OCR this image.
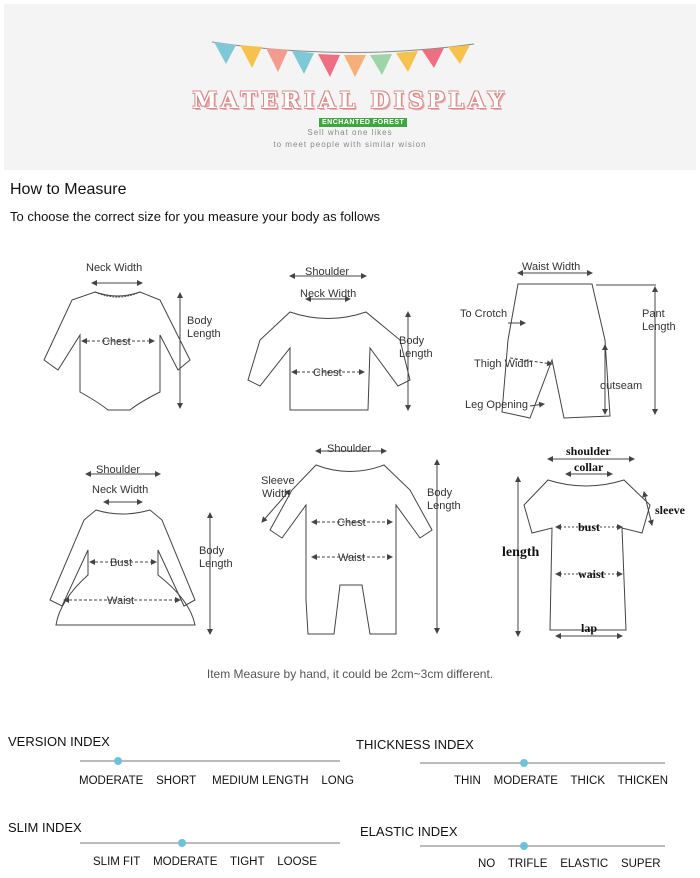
MATERIAL DISPLAY
ENCHANTED FOREST
Sell what one likes
to meet people with similar wision
How to Measure
To choose the correct size for you measure your body as follows
Neck Width
Chest
Body
Length
Shoulder
Neck Width
Chest
Body
Length
Waist Width
To Crotch	Pant
Length
Thigh Width
outseam
Leg Opening
Shoulder
Neck Width
Bust
Waist
Body
Length
Shoulder
Sleeve
Width
Chest
Waist
Body
Length
shoulder
collar
sleeve
bust
length
waist
lap
Item Measure by hand, it could be 2cm~3cm different.
VERSION INDEX
MODERATE SHORT MEDIUM LENGTH LONG
THICKNESS INDEX
THIN MODERATE THICK THICKEN
SLIM INDEX
SLIM FIT MODERATE TIGHT LOOSE
ELASTIC INDEX
NO TRIFLE ELASTIC SUPER
